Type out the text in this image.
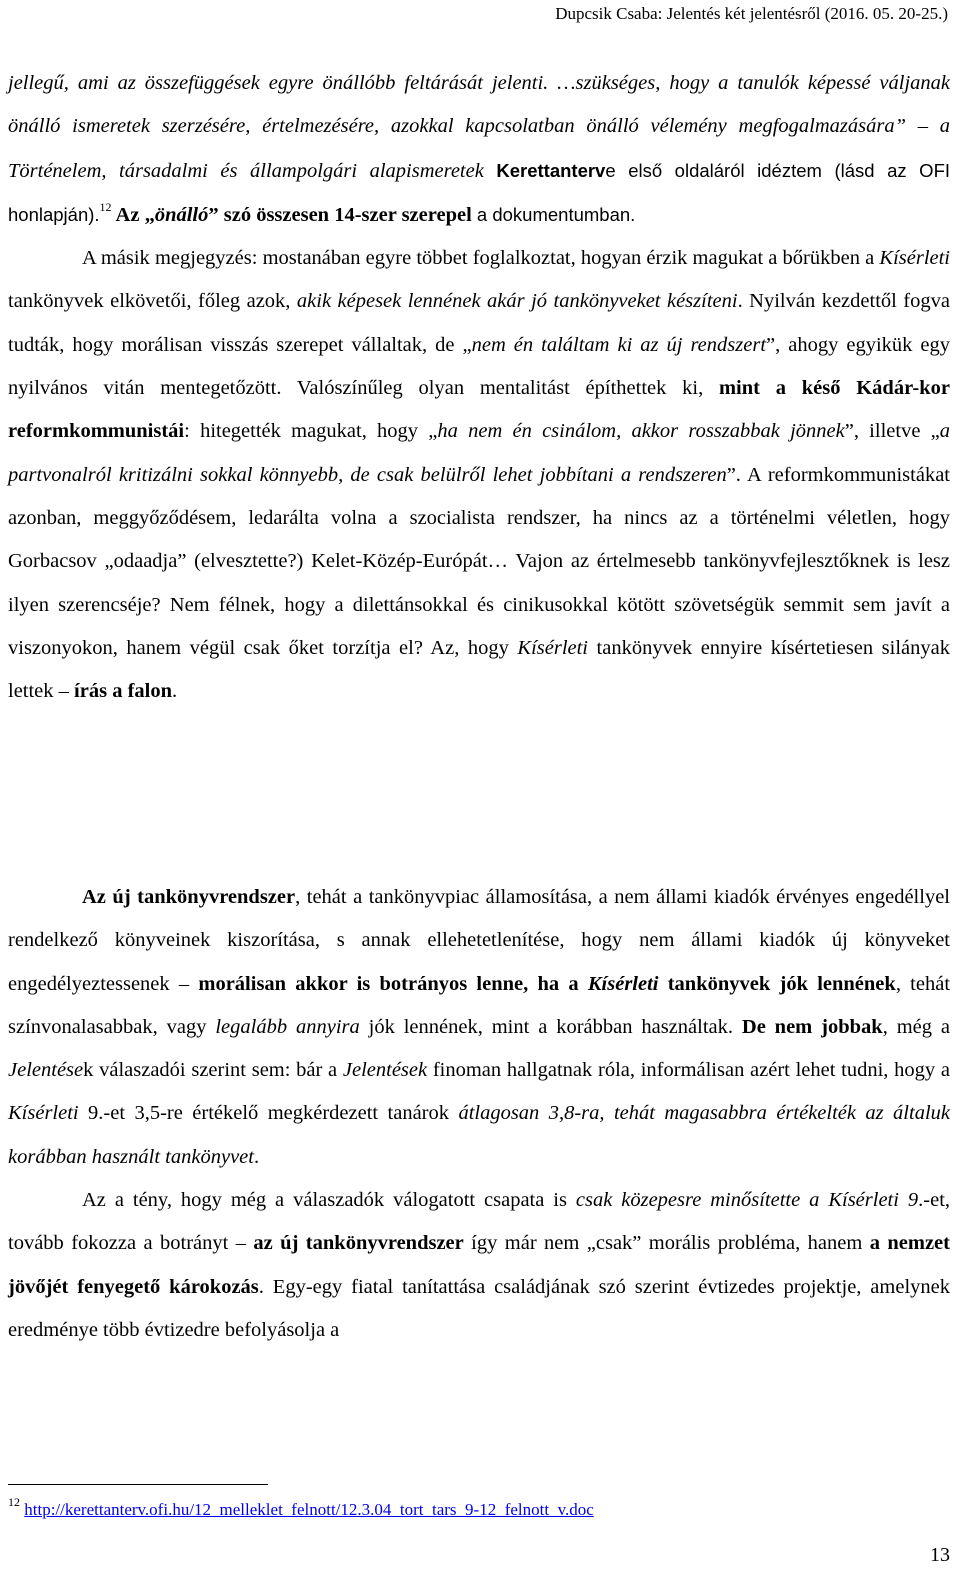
Dupcsik Csaba: Jelentés két jelentésről (2016. 05. 20-25.)

jellegű, ami az összefüggések egyre önállóbb feltárását jelenti. …szükséges, hogy a tanulók képessé váljanak önálló ismeretek szerzésére, értelmezésére, azokkal kapcsolatban önálló vélemény megfogalmazására” – a Történelem, társadalmi és állampolgári alapismeretek Kerettanterve első oldaláról idéztem (lásd az OFI honlapján).$^{12}$ Az „önálló” szó összesen 14-szer szerepel a dokumentumban.

A másik megjegyzés: mostanában egyre többet foglalkoztat, hogyan érzik magukat a bőrükben a Kísérleti tankönyvek elkövetői, főleg azok, akik képesek lennének akár jó tankönyveket készíteni. Nyilván kezdettől fogva tudták, hogy morálisan visszás szerepet vállaltak, de „nem én találtam ki az új rendszert”, ahogy egyikük egy nyilvános vitán mentegetőzött. Valószínűleg olyan mentalitást építhettek ki, mint a késő Kádár-kor reformkommunistái: hitegették magukat, hogy „ha nem én csinálom, akkor rosszabbak jönnek”, illetve „a partvonalról kritizálni sokkal könnyebb, de csak belülről lehet jobbítani a rendszeren”. A reformkommunistákat azonban, meggyőződésem, ledarálta volna a szocialista rendszer, ha nincs az a történelmi véletlen, hogy Gorbacsov „odaadja” (elvesztette?) Kelet-Közép-Európát… Vajon az értelmesebb tankönyvfejlesztőknek is lesz ilyen szerencséje? Nem félnek, hogy a dilettánsokkal és cinikusokkal kötött szövetségük semmit sem javít a viszonyokon, hanem végül csak őket torzítja el? Az, hogy Kísérleti tankönyvek ennyire kísértetiesen silányak lettek – írás a falon.

Az új tankönyvrendszer, tehát a tankönyvpiac államosítása, a nem állami kiadók érvényes engedéllyel rendelkező könyveinek kiszorítása, s annak ellehetetlenítése, hogy nem állami kiadók új könyveket engedélyeztessenek – morálisan akkor is botrányos lenne, ha a Kísérleti tankönyvek jók lennének, tehát színvonalasabbak, vagy legalább annyira jók lennének, mint a korábban használtak. De nem jobbak, még a Jelentések válaszadói szerint sem: bár a Jelentések finoman hallgatnak róla, informálisan azért lehet tudni, hogy a Kísérleti 9.-et 3,5-re értékelő megkérdezett tanárok átlagosan 3,8-ra, tehát magasabbra értékelték az általuk korábban használt tankönyvet.

Az a tény, hogy még a válaszadók válogatott csapata is csak közepesre minősítette a Kísérleti 9.-et, tovább fokozza a botrányt – az új tankönyvrendszer így már nem „csak” morális probléma, hanem a nemzet jövőjét fenyegető károkozás. Egy-egy fiatal tanítattása családjának szó szerint évtizedes projektje, amelynek eredménye több évtizedre befolyásolja a

$^{12}$ http://kerettanterv.ofi.hu/12_melleklet_felnott/12.3.04_tort_tars_9-12_felnott_v.doc
13
